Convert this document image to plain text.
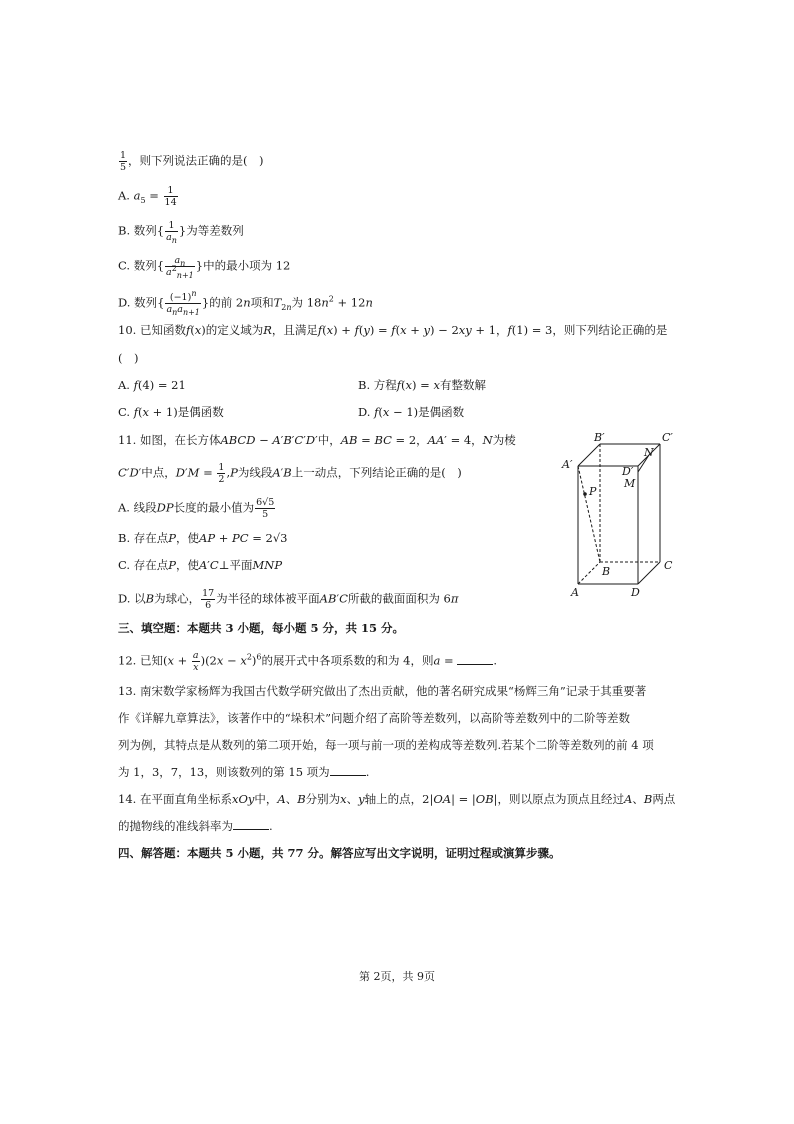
$\frac{1}{5}$ ，则下列说法正确的是(　)
A. $a_5 = \frac{1}{14}$
B. 数列{ $\frac{1}{a_n}$ }为等差数列
C. 数列{ $\frac{a_n}{a^2_{n+1}}$ }中的最小项为 12
D. 数列{ $\frac{(-1)^n}{a_na_{n+1}}$ }的前 2n项和$T_{2n}$为 $18n^2 + 12n$
10. 已知函数f(x)的定义域为R，且满足f(x) + f(y) = f(x + y) − 2xy + 1，f(1) = 3，则下列结论正确的是
(　)
A. f(4) = 21	B. 方程f(x) = x有整数解
C. f(x + 1)是偶函数	D. f(x − 1)是偶函数
11. 如图，在长方体ABCD − A′B′C′D′中，AB = BC = 2，AA′ = 4，N为棱
C′D′中点，$D'M = \frac{1}{2} ,P$为线段A′B上一动点，下列结论正确的是(　)
A. 线段DP长度的最小值为 $\frac{6√5}{5}$
B. 存在点P，使AP + PC = 2√3
C. 存在点P，使A′C⊥平面MNP
D. 以B为球心， $\frac{17}{6}$ 为半径的球体被平面AB′C所截的截面面积为 6π
B′	C′
A′
N
D′
M
P
B	C
A	D
三、填空题：本题共 3 小题，每小题 5 分，共 15 分。
12. 已知$(x + \frac{a}{x} )(2x - x^2)^6$的展开式中各项系数的和为 4，则a =	.
13. 南宋数学家杨辉为我国古代数学研究做出了杰出贡献，他的著名研究成果“杨辉三角”记录于其重要著
作《详解九章算法》，该著作中的“垛积术”问题介绍了高阶等差数列，以高阶等差数列中的二阶等差数
列为例，其特点是从数列的第二项开始，每一项与前一项的差构成等差数列.若某个二阶等差数列的前 4 项
为 1，3，7，13，则该数列的第 15 项为	.
14. 在平面直角坐标系xOy中，A、B分别为x、y轴上的点，2|OA| = |OB|，则以原点为顶点且经过A、B两点
的抛物线的准线斜率为	.
四、解答题：本题共 5 小题，共 77 分。解答应写出文字说明，证明过程或演算步骤。
第 2页，共 9页
